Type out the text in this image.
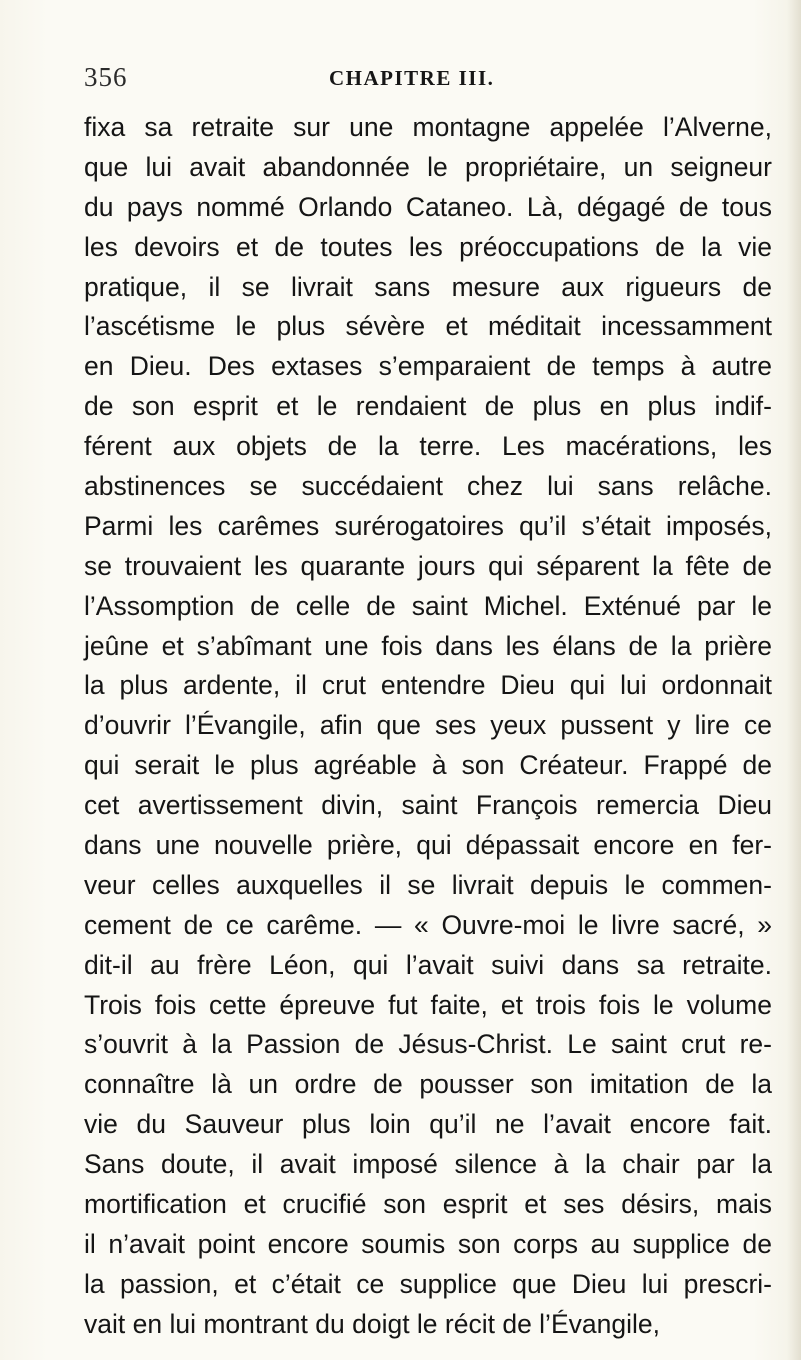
356	CHAPITRE III.
fixa sa retraite sur une montagne appelée l’Alverne,
que lui avait abandonnée le propriétaire, un seigneur
du pays nommé Orlando Cataneo. Là, dégagé de tous
les devoirs et de toutes les préoccupations de la vie
pratique, il se livrait sans mesure aux rigueurs de
l’ascétisme le plus sévère et méditait incessamment
en Dieu. Des extases s’emparaient de temps à autre
de son esprit et le rendaient de plus en plus indif-
férent aux objets de la terre. Les macérations, les
abstinences se succédaient chez lui sans relâche.
Parmi les carêmes surérogatoires qu’il s’était imposés,
se trouvaient les quarante jours qui séparent la fête de
l’Assomption de celle de saint Michel. Exténué par le
jeûne et s’abîmant une fois dans les élans de la prière
la plus ardente, il crut entendre Dieu qui lui ordonnait
d’ouvrir l’Évangile, afin que ses yeux pussent y lire ce
qui serait le plus agréable à son Créateur. Frappé de
cet avertissement divin, saint François remercia Dieu
dans une nouvelle prière, qui dépassait encore en fer-
veur celles auxquelles il se livrait depuis le commen-
cement de ce carême. — « Ouvre-moi le livre sacré, »
dit-il au frère Léon, qui l’avait suivi dans sa retraite.
Trois fois cette épreuve fut faite, et trois fois le volume
s’ouvrit à la Passion de Jésus-Christ. Le saint crut re-
connaître là un ordre de pousser son imitation de la
vie du Sauveur plus loin qu’il ne l’avait encore fait.
Sans doute, il avait imposé silence à la chair par la
mortification et crucifié son esprit et ses désirs, mais
il n’avait point encore soumis son corps au supplice de
la passion, et c’était ce supplice que Dieu lui prescri-
vait en lui montrant du doigt le récit de l’Évangile,
